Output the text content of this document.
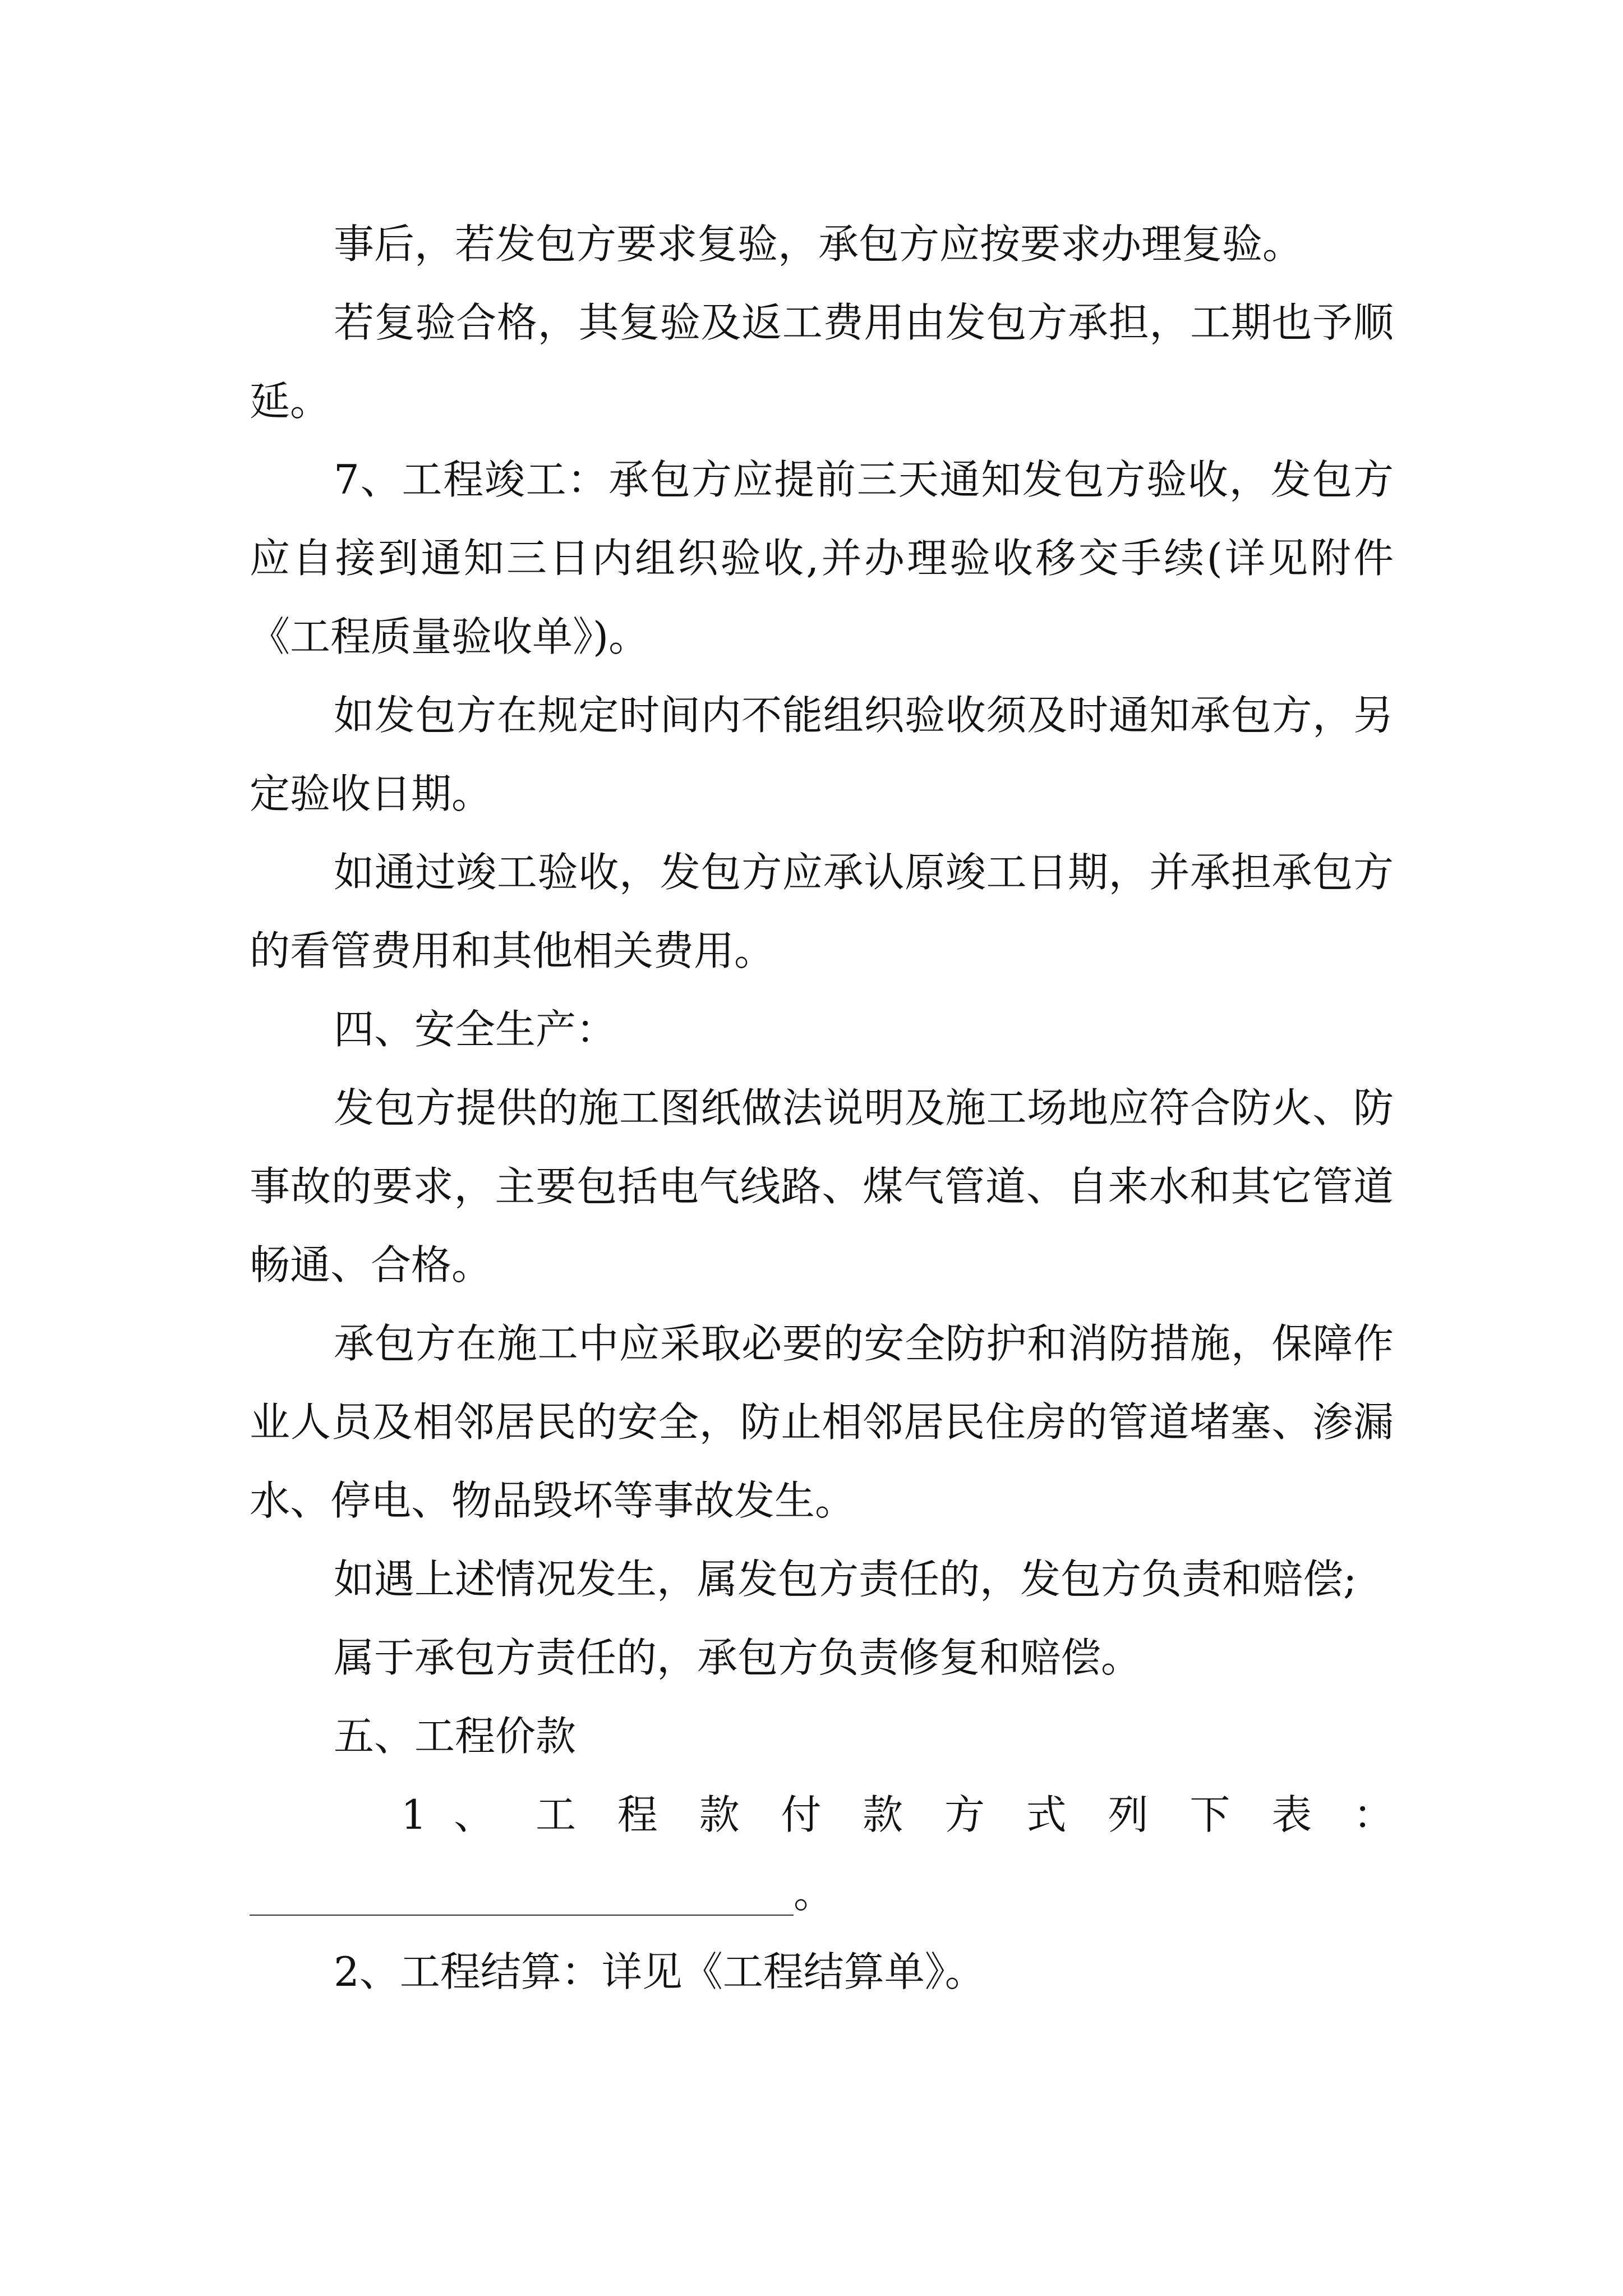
事后，若发包方要求复验，承包方应按要求办理复验。

若复验合格，其复验及返工费用由发包方承担，工期也予顺延。

7、工程竣工：承包方应提前三天通知发包方验收，发包方应自接到通知三日内组织验收,并办理验收移交手续(详见附件《工程质量验收单》)。

如发包方在规定时间内不能组织验收须及时通知承包方，另定验收日期。

如通过竣工验收，发包方应承认原竣工日期，并承担承包方的看管费用和其他相关费用。

四、安全生产：

发包方提供的施工图纸做法说明及施工场地应符合防火、防事故的要求，主要包括电气线路、煤气管道、自来水和其它管道畅通、合格。

承包方在施工中应采取必要的安全防护和消防措施，保障作业人员及相邻居民的安全，防止相邻居民住房的管道堵塞、渗漏水、停电、物品毁坏等事故发生。

如遇上述情况发生，属发包方责任的，发包方负责和赔偿;

属于承包方责任的，承包方负责修复和赔偿。

五、工程价款

1 、 工 程 款 付 款 方 式 列 下 表 ：

。

2、工程结算：详见《工程结算单》。
